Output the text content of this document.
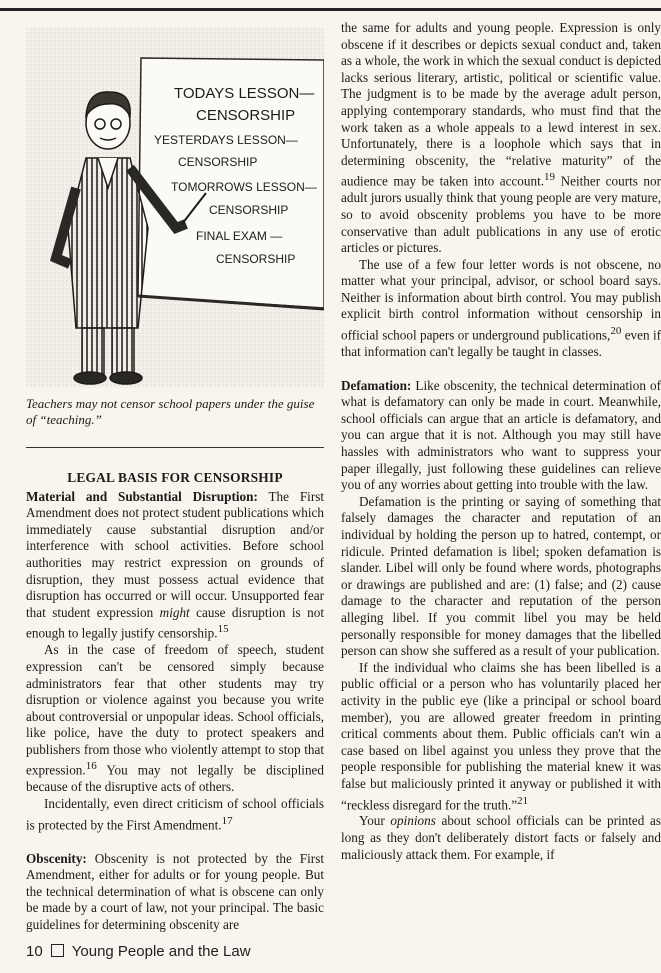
TODAYS LESSON—
CENSORSHIP
YESTERDAYS LESSON—
CENSORSHIP
TOMORROWS LESSON—
CENSORSHIP
FINAL EXAM —
CENSORSHIP
Teachers may not censor school papers under the guise of “teaching.”
LEGAL BASIS FOR CENSORSHIP

Material and Substantial Disruption: The First Amendment does not protect student publications which immediately cause substantial disruption and/or interference with school activities. Before school authorities may restrict expression on grounds of disruption, they must possess actual evidence that disruption has occurred or will occur. Unsupported fear that student expression might cause disruption is not enough to legally justify censorship.$^{15}$

As in the case of freedom of speech, student expression can't be censored simply because administrators fear that other students may try disruption or violence against you because you write about controversial or unpopular ideas. School officials, like police, have the duty to protect speakers and publishers from those who violently attempt to stop that expression.$^{16}$ You may not legally be disciplined because of the disruptive acts of others.

Incidentally, even direct criticism of school officials is protected by the First Amendment.$^{17}$

Obscenity: Obscenity is not protected by the First Amendment, either for adults or for young people. But the technical determination of what is obscene can only be made by a court of law, not your principal. The basic guidelines for determining obscenity are

the same for adults and young people. Expression is only obscene if it describes or depicts sexual conduct and, taken as a whole, the work in which the sexual conduct is depicted lacks serious literary, artistic, political or scientific value. The judgment is to be made by the average adult person, applying contemporary standards, who must find that the work taken as a whole appeals to a lewd interest in sex. Unfortunately, there is a loophole which says that in determining obscenity, the “relative maturity” of the audience may be taken into account.$^{19}$ Neither courts nor adult jurors usually think that young people are very mature, so to avoid obscenity problems you have to be more conservative than adult publications in any use of erotic articles or pictures.

The use of a few four letter words is not obscene, no matter what your principal, advisor, or school board says. Neither is information about birth control. You may publish explicit birth control information without censorship in official school papers or underground publications,$^{20}$ even if that information can't legally be taught in classes.

Defamation: Like obscenity, the technical determination of what is defamatory can only be made in court. Meanwhile, school officials can argue that an article is defamatory, and you can argue that it is not. Although you may still have hassles with administrators who want to suppress your paper illegally, just following these guidelines can relieve you of any worries about getting into trouble with the law.

Defamation is the printing or saying of something that falsely damages the character and reputation of an individual by holding the person up to hatred, contempt, or ridicule. Printed defamation is libel; spoken defamation is slander. Libel will only be found where words, photographs or drawings are published and are: (1) false; and (2) cause damage to the character and reputation of the person alleging libel. If you commit libel you may be held personally responsible for money damages that the libelled person can show she suffered as a result of your publication.

If the individual who claims she has been libelled is a public official or a person who has voluntarily placed her activity in the public eye (like a principal or school board member), you are allowed greater freedom in printing critical comments about them. Public officials can't win a case based on libel against you unless they prove that the people responsible for publishing the material knew it was false but maliciously printed it anyway or published it with “reckless disregard for the truth.”$^{21}$

Your opinions about school officials can be printed as long as they don't deliberately distort facts or falsely and maliciously attack them. For example, if

10 Young People and the Law
